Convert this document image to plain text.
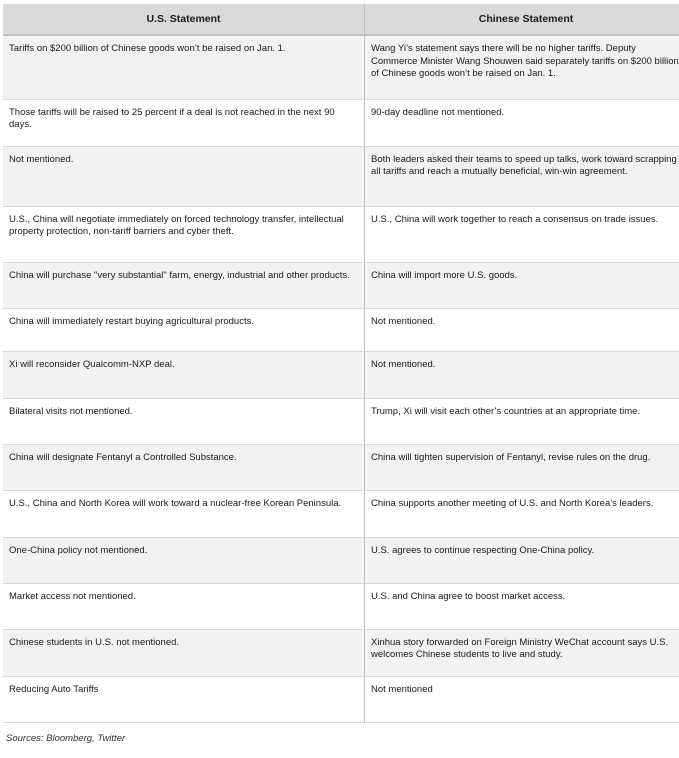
U.S. Statement	Chinese Statement
Tariffs on $200 billion of Chinese goods won’t be raised on Jan. 1.	Wang Yi’s statement says there will be no higher tariffs. Deputy Commerce Minister Wang Shouwen said separately tariffs on $200 billion of Chinese goods won’t be raised on Jan. 1.
Those tariffs will be raised to 25 percent if a deal is not reached in the next 90 days.	90-day deadline not mentioned.
Not mentioned.	Both leaders asked their teams to speed up talks, work toward scrapping all tariffs and reach a mutually beneficial, win-win agreement.
U.S., China will negotiate immediately on forced technology transfer, intellectual property protection, non-tariff barriers and cyber theft.	U.S., China will work together to reach a consensus on trade issues.
China will purchase "very substantial" farm, energy, industrial and other products.	China will import more U.S. goods.
China will immediately restart buying agricultural products.	Not mentioned.
Xi will reconsider Qualcomm-NXP deal.	Not mentioned.
Bilateral visits not mentioned.	Trump, Xi will visit each other’s countries at an appropriate time.
China will designate Fentanyl a Controlled Substance.	China will tighten supervision of Fentanyl, revise rules on the drug.
U.S., China and North Korea will work toward a nuclear-free Korean Peninsula.	China supports another meeting of U.S. and North Korea’s leaders.
One-China policy not mentioned.	U.S. agrees to continue respecting One-China policy.
Market access not mentioned.	U.S. and China agree to boost market access.
Chinese students in U.S. not mentioned.	Xinhua story forwarded on Foreign Ministry WeChat account says U.S. welcomes Chinese students to live and study.
Reducing Auto Tariffs	Not mentioned
Sources: Bloomberg, Twitter
